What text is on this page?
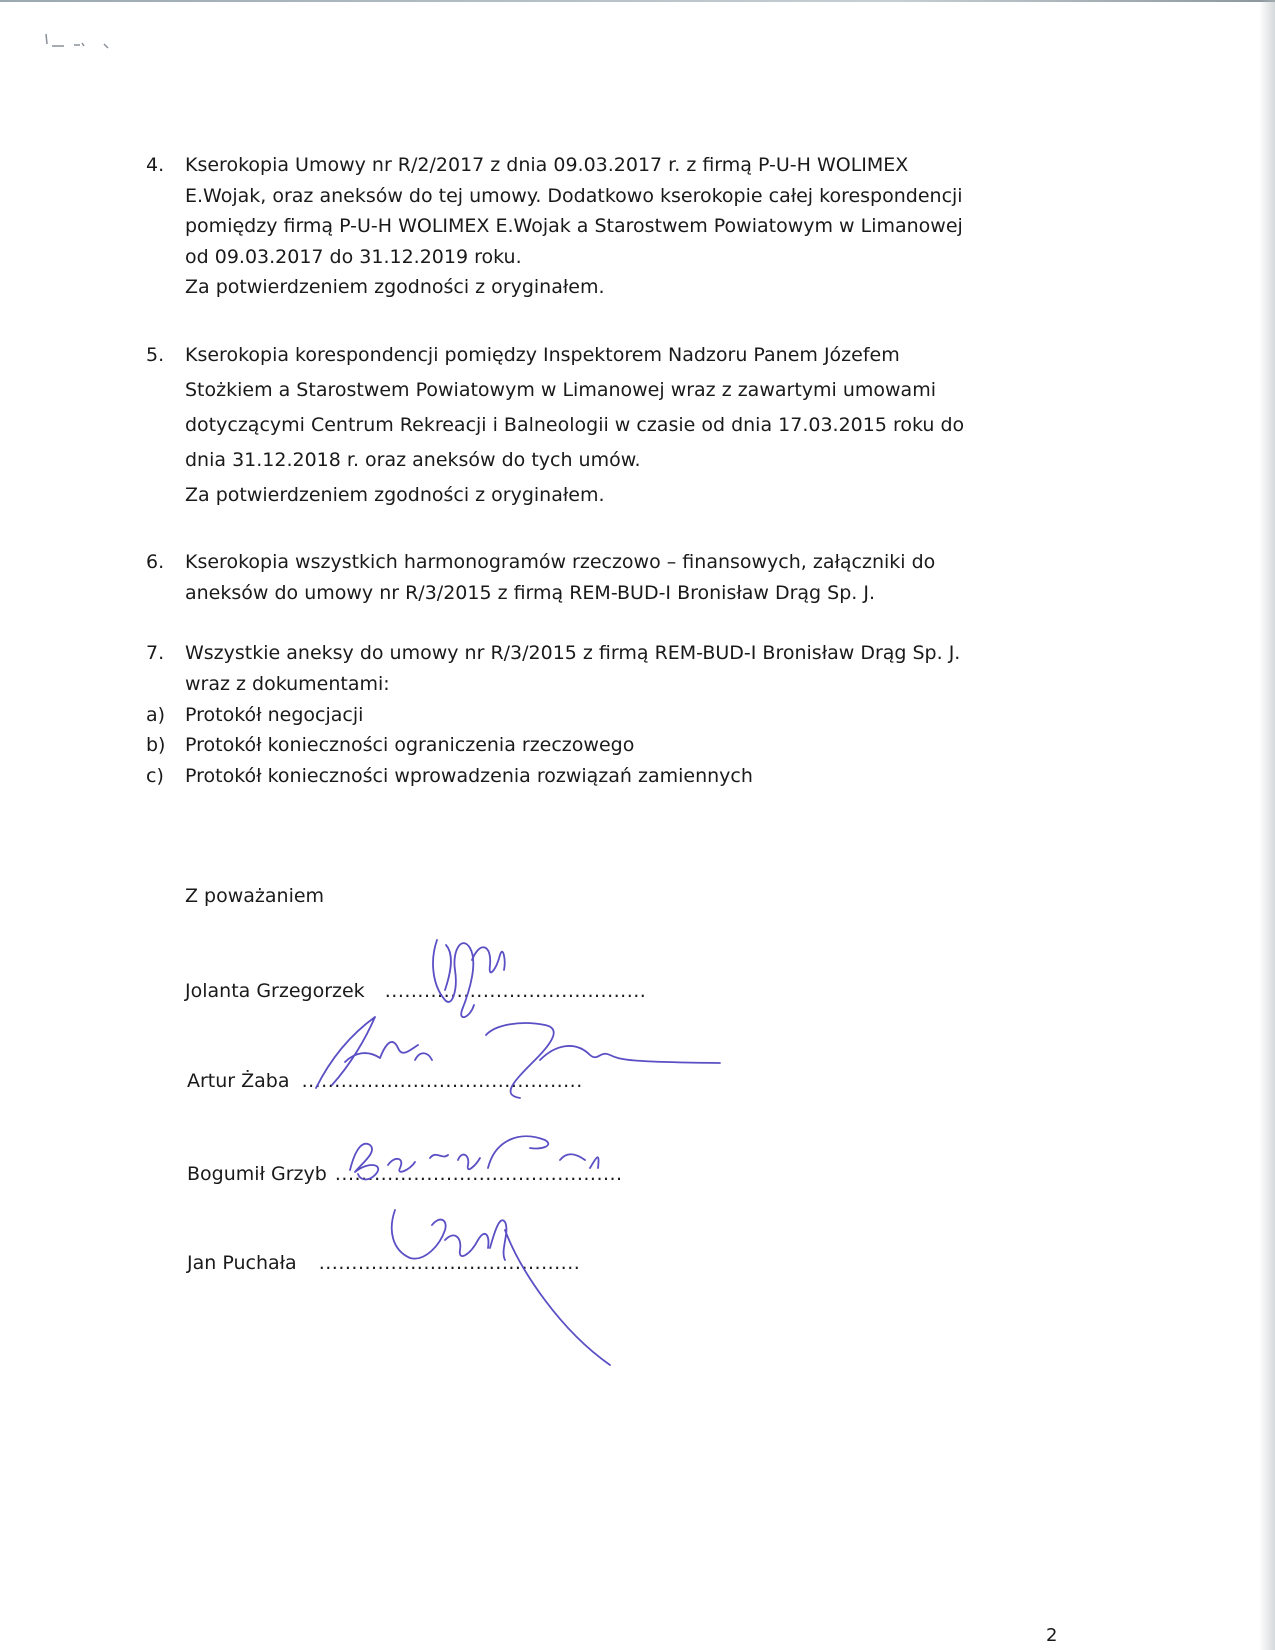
4. Kserokopia Umowy nr R/2/2017 z dnia 09.03.2017 r. z firmą P-U-H WOLIMEX

E.Wojak, oraz aneksów do tej umowy. Dodatkowo kserokopie całej korespondencji

pomiędzy firmą P-U-H WOLIMEX E.Wojak a Starostwem Powiatowym w Limanowej

od 09.03.2017 do 31.12.2019 roku.

Za potwierdzeniem zgodności z oryginałem.

5. Kserokopia korespondencji pomiędzy Inspektorem Nadzoru Panem Józefem

Stożkiem a Starostwem Powiatowym w Limanowej wraz z zawartymi umowami

dotyczącymi Centrum Rekreacji i Balneologii w czasie od dnia 17.03.2015 roku do

dnia 31.12.2018 r. oraz aneksów do tych umów.

Za potwierdzeniem zgodności z oryginałem.

6. Kserokopia wszystkich harmonogramów rzeczowo – finansowych, załączniki do

aneksów do umowy nr R/3/2015 z firmą REM-BUD-I Bronisław Drąg Sp. J.

7. Wszystkie aneksy do umowy nr R/3/2015 z firmą REM-BUD-I Bronisław Drąg Sp. J.

wraz z dokumentami:

a) Protokół negocjacji

b) Protokół konieczności ograniczenia rzeczowego

c) Protokół konieczności wprowadzenia rozwiązań zamiennych

Z poważaniem
Jolanta Grzegorzek ........................................
Artur Żaba ...........................................
Bogumił Grzyb ............................................
Jan Puchała ........................................
2
